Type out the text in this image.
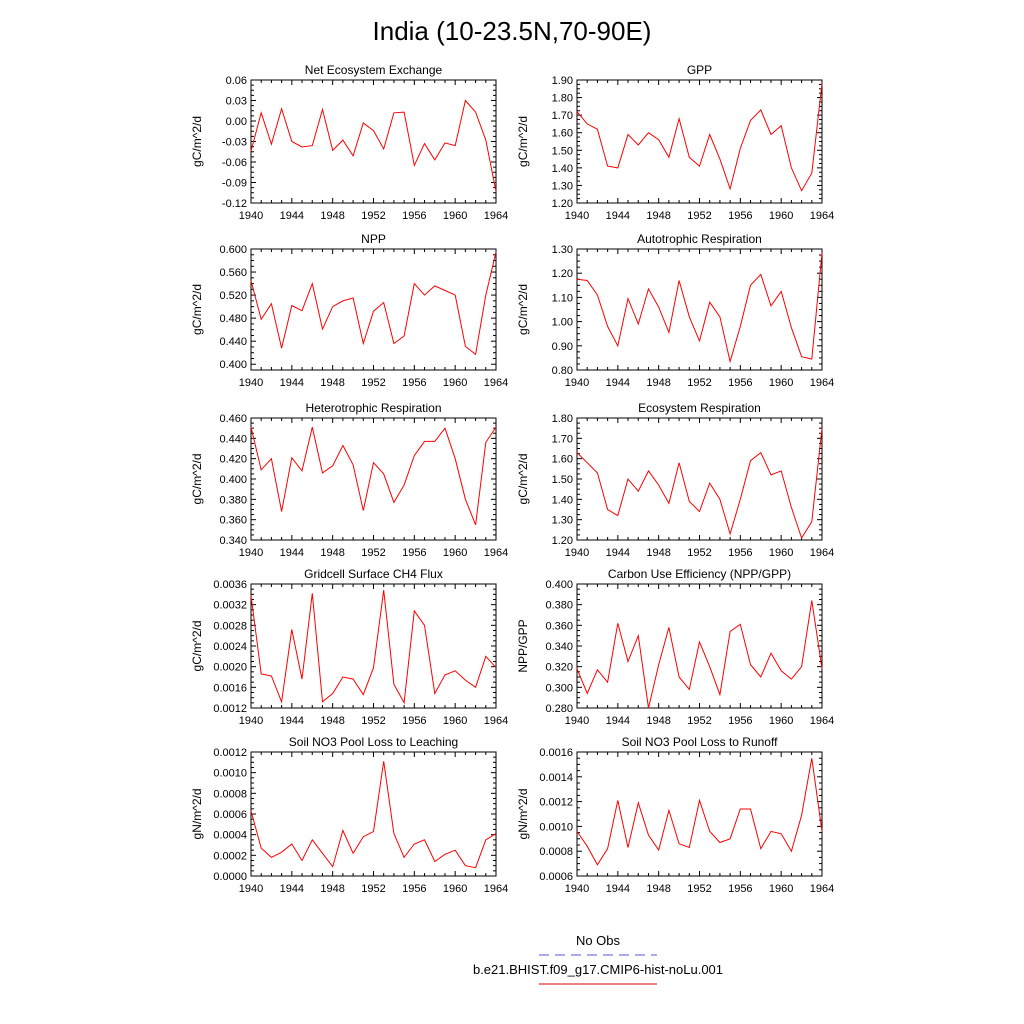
India (10-23.5N,70-90E)
Net Ecosystem Exchange
gC/m^2/d
-0.12
-0.09
-0.06
-0.03
0.00
0.03
0.06
1940 1944 1948 1952 1956 1960 1964
GPP
gC/m^2/d
1.20
1.30
1.40
1.50
1.60
1.70
1.80
1.90
1940 1944 1948 1952 1956 1960 1964
NPP
gC/m^2/d
0.400
0.440
0.480
0.520
0.560
0.600
1940 1944 1948 1952 1956 1960 1964
Autotrophic Respiration
gC/m^2/d
0.80
0.90
1.00
1.10
1.20
1.30
1940 1944 1948 1952 1956 1960 1964
Heterotrophic Respiration
gC/m^2/d
0.340
0.360
0.380
0.400
0.420
0.440
0.460
1940 1944 1948 1952 1956 1960 1964
Ecosystem Respiration
gC/m^2/d
1.20
1.30
1.40
1.50
1.60
1.70
1.80
1940 1944 1948 1952 1956 1960 1964
Gridcell Surface CH4 Flux
gC/m^2/d
0.0012
0.0016
0.0020
0.0024
0.0028
0.0032
0.0036
1940 1944 1948 1952 1956 1960 1964
Carbon Use Efficiency (NPP/GPP)
NPP/GPP
0.280
0.300
0.320
0.340
0.360
0.380
0.400
1940 1944 1948 1952 1956 1960 1964
Soil NO3 Pool Loss to Leaching
gN/m^2/d
0.0000
0.0002
0.0004
0.0006
0.0008
0.0010
0.0012
1940 1944 1948 1952 1956 1960 1964
Soil NO3 Pool Loss to Runoff
gN/m^2/d
0.0006
0.0008
0.0010
0.0012
0.0014
0.0016
1940 1944 1948 1952 1956 1960 1964
No Obs
b.e21.BHIST.f09_g17.CMIP6-hist-noLu.001
